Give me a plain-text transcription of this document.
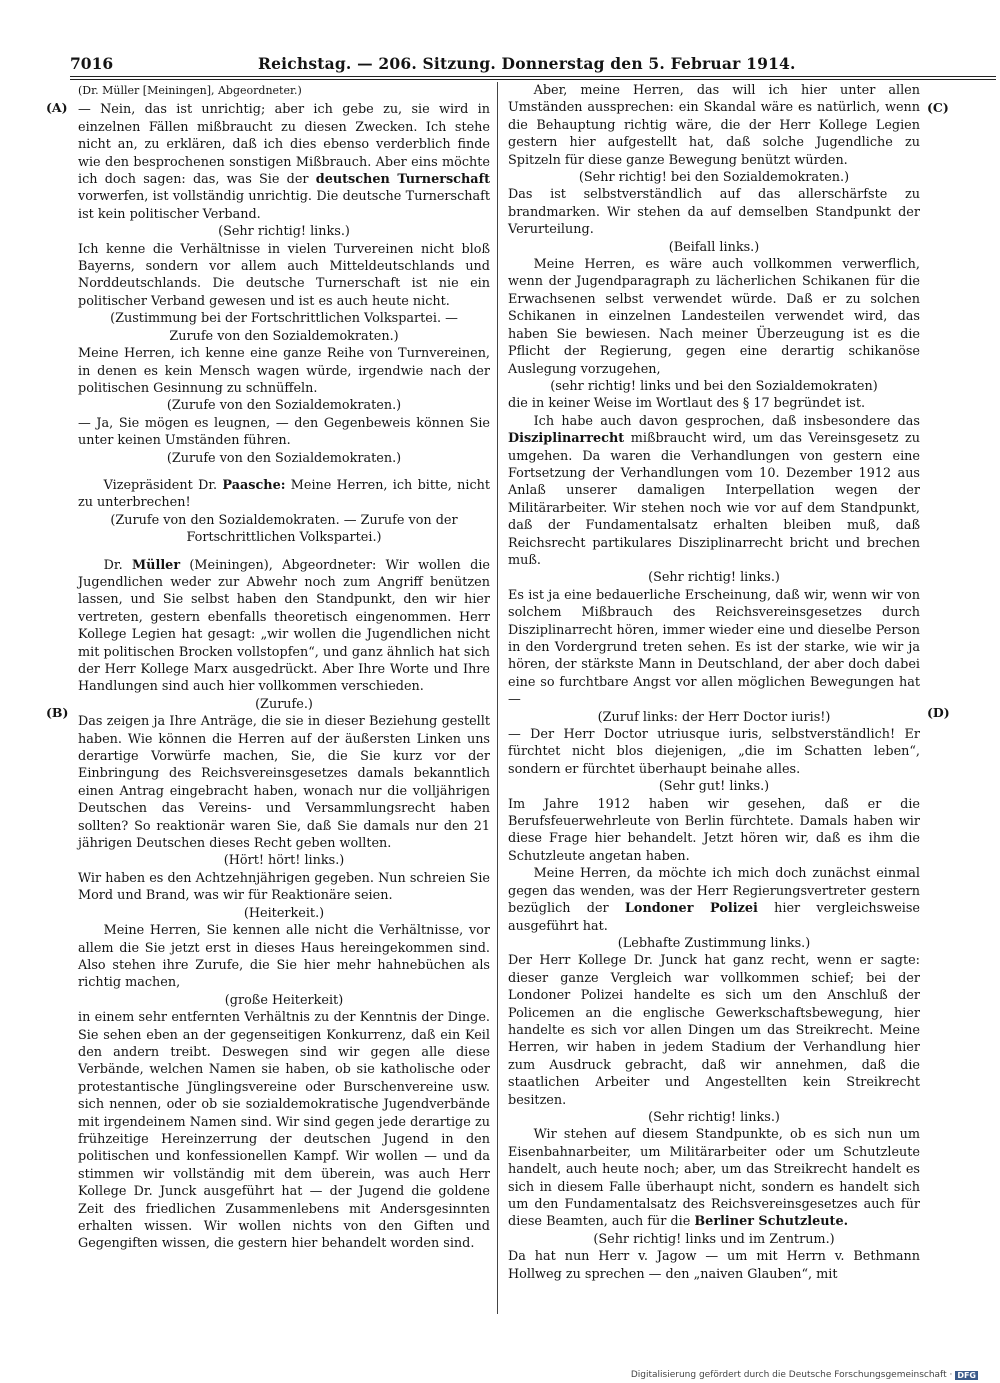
7016	Reichstag. — 206. Sitzung. Donnerstag den 5. Februar 1914.
(A)
(B)
(C)
(D)

(Dr. Müller [Meiningen], Abgeordneter.)

— Nein, das ist unrichtig; aber ich gebe zu, sie wird in einzelnen Fällen mißbraucht zu diesen Zwecken. Ich stehe nicht an, zu erklären, daß ich dies ebenso verderblich finde wie den besprochenen sonstigen Mißbrauch. Aber eins möchte ich doch sagen: das, was Sie der deutschen Turnerschaft vorwerfen, ist vollständig unrichtig. Die deutsche Turnerschaft ist kein politischer Verband.

(Sehr richtig! links.)

Ich kenne die Verhältnisse in vielen Turvereinen nicht bloß Bayerns, sondern vor allem auch Mitteldeutschlands und Norddeutschlands. Die deutsche Turnerschaft ist nie ein politischer Verband gewesen und ist es auch heute nicht.

(Zustimmung bei der Fortschrittlichen Volkspartei. — Zurufe von den Sozialdemokraten.)

Meine Herren, ich kenne eine ganze Reihe von Turnvereinen, in denen es kein Mensch wagen würde, irgendwie nach der politischen Gesinnung zu schnüffeln.

(Zurufe von den Sozialdemokraten.)

— Ja, Sie mögen es leugnen, — den Gegenbeweis können Sie unter keinen Umständen führen.

(Zurufe von den Sozialdemokraten.)

Vizepräsident Dr. Paasche: Meine Herren, ich bitte, nicht zu unterbrechen!

(Zurufe von den Sozialdemokraten. — Zurufe von der Fortschrittlichen Volkspartei.)

Dr. Müller (Meiningen), Abgeordneter: Wir wollen die Jugendlichen weder zur Abwehr noch zum Angriff benützen lassen, und Sie selbst haben den Standpunkt, den wir hier vertreten, gestern ebenfalls theoretisch eingenommen. Herr Kollege Legien hat gesagt: „wir wollen die Jugendlichen nicht mit politischen Brocken vollstopfen“, und ganz ähnlich hat sich der Herr Kollege Marx ausgedrückt. Aber Ihre Worte und Ihre Handlungen sind auch hier vollkommen verschieden.

(Zurufe.)

Das zeigen ja Ihre Anträge, die sie in dieser Beziehung gestellt haben. Wie können die Herren auf der äußersten Linken uns derartige Vorwürfe machen, Sie, die Sie kurz vor der Einbringung des Reichsvereinsgesetzes damals bekanntlich einen Antrag eingebracht haben, wonach nur die volljährigen Deutschen das Vereins- und Versammlungsrecht haben sollten? So reaktionär waren Sie, daß Sie damals nur den 21 jährigen Deutschen dieses Recht geben wollten.

(Hört! hört! links.)

Wir haben es den Achtzehnjährigen gegeben. Nun schreien Sie Mord und Brand, was wir für Reaktionäre seien.

(Heiterkeit.)

Meine Herren, Sie kennen alle nicht die Verhältnisse, vor allem die Sie jetzt erst in dieses Haus hereingekommen sind. Also stehen ihre Zurufe, die Sie hier mehr hahnebüchen als richtig machen,

(große Heiterkeit)

in einem sehr entfernten Verhältnis zu der Kenntnis der Dinge. Sie sehen eben an der gegenseitigen Konkurrenz, daß ein Keil den andern treibt. Deswegen sind wir gegen alle diese Verbände, welchen Namen sie haben, ob sie katholische oder protestantische Jünglingsvereine oder Burschenvereine usw. sich nennen, oder ob sie sozialdemokratische Jugendverbände mit irgendeinem Namen sind. Wir sind gegen jede derartige zu frühzeitige Hereinzerrung der deutschen Jugend in den politischen und konfessionellen Kampf. Wir wollen — und da stimmen wir vollständig mit dem überein, was auch Herr Kollege Dr. Junck ausgeführt hat — der Jugend die goldene Zeit des friedlichen Zusammenlebens mit Andersgesinnten erhalten wissen. Wir wollen nichts von den Giften und Gegengiften wissen, die gestern hier behandelt worden sind.

Aber, meine Herren, das will ich hier unter allen Umständen aussprechen: ein Skandal wäre es natürlich, wenn die Behauptung richtig wäre, die der Herr Kollege Legien gestern hier aufgestellt hat, daß solche Jugendliche zu Spitzeln für diese ganze Bewegung benützt würden.

(Sehr richtig! bei den Sozialdemokraten.)

Das ist selbstverständlich auf das allerschärfste zu brandmarken. Wir stehen da auf demselben Standpunkt der Verurteilung.

(Beifall links.)

Meine Herren, es wäre auch vollkommen verwerflich, wenn der Jugendparagraph zu lächerlichen Schikanen für die Erwachsenen selbst verwendet würde. Daß er zu solchen Schikanen in einzelnen Landesteilen verwendet wird, das haben Sie bewiesen. Nach meiner Überzeugung ist es die Pflicht der Regierung, gegen eine derartig schikanöse Auslegung vorzugehen,

(sehr richtig! links und bei den Sozialdemokraten)

die in keiner Weise im Wortlaut des § 17 begründet ist.

Ich habe auch davon gesprochen, daß insbesondere das Disziplinarrecht mißbraucht wird, um das Vereinsgesetz zu umgehen. Da waren die Verhandlungen von gestern eine Fortsetzung der Verhandlungen vom 10. Dezember 1912 aus Anlaß unserer damaligen Interpellation wegen der Militärarbeiter. Wir stehen noch wie vor auf dem Standpunkt, daß der Fundamentalsatz erhalten bleiben muß, daß Reichsrecht partikulares Disziplinarrecht bricht und brechen muß.

(Sehr richtig! links.)

Es ist ja eine bedauerliche Erscheinung, daß wir, wenn wir von solchem Mißbrauch des Reichsvereinsgesetzes durch Disziplinarrecht hören, immer wieder eine und dieselbe Person in den Vordergrund treten sehen. Es ist der starke, wie wir ja hören, der stärkste Mann in Deutschland, der aber doch dabei eine so furchtbare Angst vor allen möglichen Bewegungen hat —

(Zuruf links: der Herr Doctor iuris!)

— Der Herr Doctor utriusque iuris, selbstverständlich! Er fürchtet nicht blos diejenigen, „die im Schatten leben“, sondern er fürchtet überhaupt beinahe alles.

(Sehr gut! links.)

Im Jahre 1912 haben wir gesehen, daß er die Berufsfeuerwehrleute von Berlin fürchtete. Damals haben wir diese Frage hier behandelt. Jetzt hören wir, daß es ihm die Schutzleute angetan haben.

Meine Herren, da möchte ich mich doch zunächst einmal gegen das wenden, was der Herr Regierungsvertreter gestern bezüglich der Londoner Polizei hier vergleichsweise ausgeführt hat.

(Lebhafte Zustimmung links.)

Der Herr Kollege Dr. Junck hat ganz recht, wenn er sagte: dieser ganze Vergleich war vollkommen schief; bei der Londoner Polizei handelte es sich um den Anschluß der Policemen an die englische Gewerkschaftsbewegung, hier handelte es sich vor allen Dingen um das Streikrecht. Meine Herren, wir haben in jedem Stadium der Verhandlung hier zum Ausdruck gebracht, daß wir annehmen, daß die staatlichen Arbeiter und Angestellten kein Streikrecht besitzen.

(Sehr richtig! links.)

Wir stehen auf diesem Standpunkte, ob es sich nun um Eisenbahnarbeiter, um Militärarbeiter oder um Schutzleute handelt, auch heute noch; aber, um das Streikrecht handelt es sich in diesem Falle überhaupt nicht, sondern es handelt sich um den Fundamentalsatz des Reichsvereinsgesetzes auch für diese Beamten, auch für die Berliner Schutzleute.

(Sehr richtig! links und im Zentrum.)

Da hat nun Herr v. Jagow — um mit Herrn v. Bethmann Hollweg zu sprechen — den „naiven Glauben“, mit

Digitalisierung gefördert durch die Deutsche Forschungsgemeinschaft · DFG
